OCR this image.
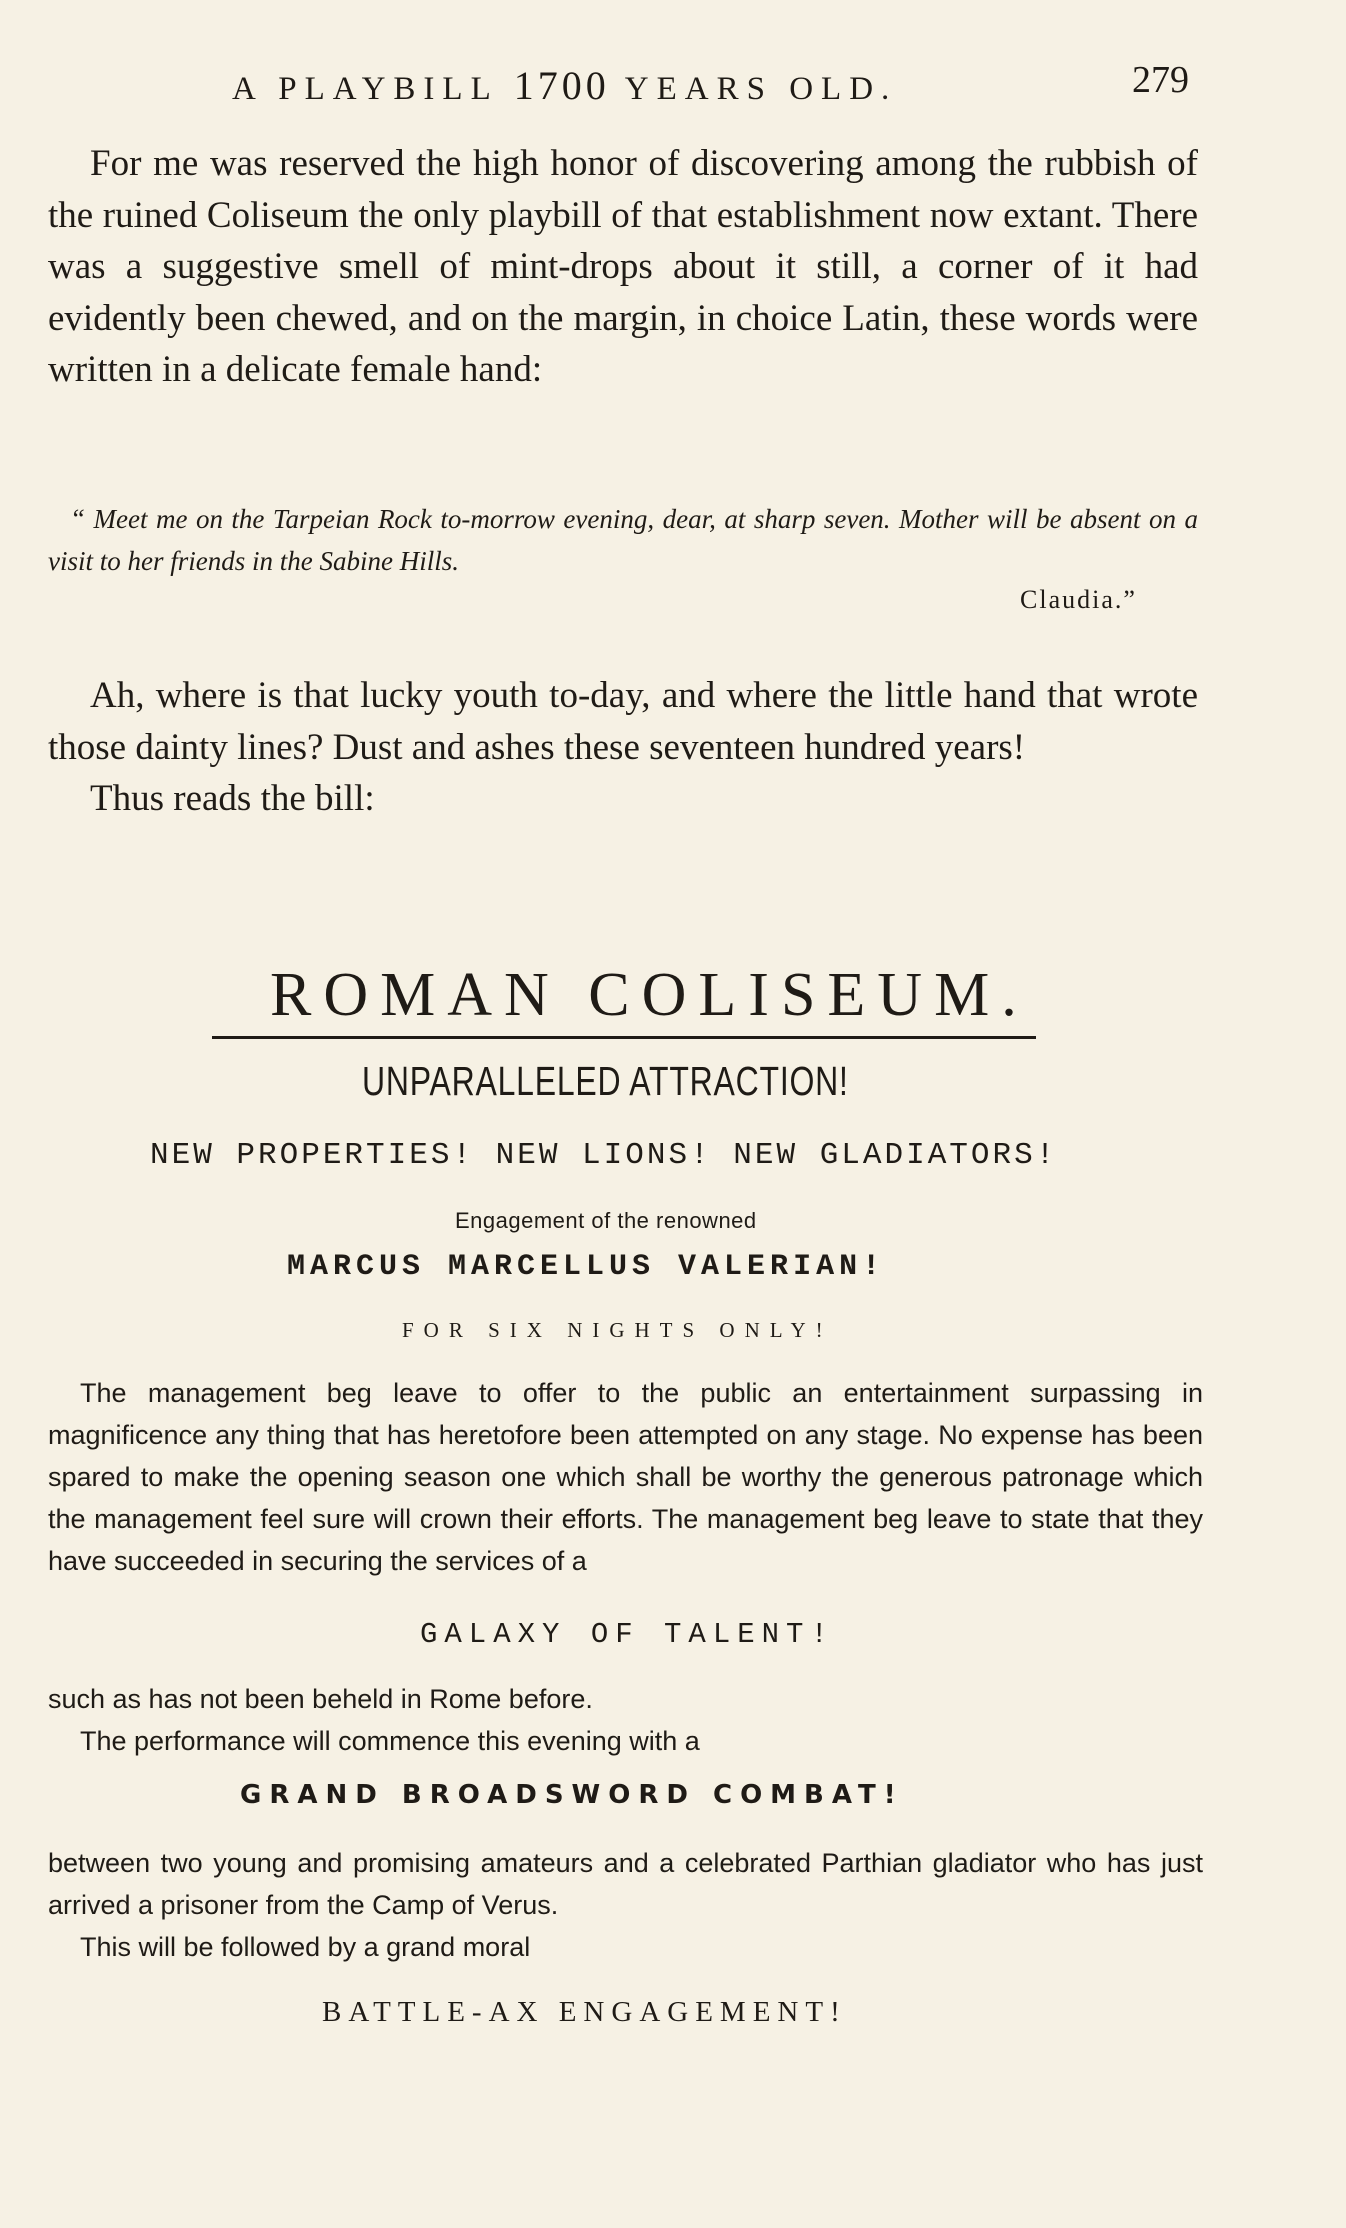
A PLAYBILL 1700 YEARS OLD.	279

For me was reserved the high honor of discovering among the rubbish of the ruined Coliseum the only playbill of that establishment now extant. There was a suggestive smell of mint-drops about it still, a corner of it had evidently been chewed, and on the margin, in choice Latin, these words were written in a delicate female hand:

“ Meet me on the Tarpeian Rock to-morrow evening, dear, at sharp seven. Mother will be absent on a visit to her friends in the Sabine Hills.

Claudia.”

Ah, where is that lucky youth to-day, and where the little hand that wrote those dainty lines? Dust and ashes these seventeen hundred years!

Thus reads the bill:

ROMAN COLISEUM.
UNPARALLELED ATTRACTION!
NEW PROPERTIES! NEW LIONS! NEW GLADIATORS!
Engagement of the renowned
MARCUS MARCELLUS VALERIAN!
FOR SIX NIGHTS ONLY!

The management beg leave to offer to the public an entertainment surpassing in magnificence any thing that has heretofore been attempted on any stage. No expense has been spared to make the opening season one which shall be worthy the generous patronage which the management feel sure will crown their efforts. The management beg leave to state that they have succeeded in securing the services of a

GALAXY OF TALENT!

such as has not been beheld in Rome before.

The performance will commence this evening with a

GRAND BROADSWORD COMBAT!

between two young and promising amateurs and a celebrated Parthian gladiator who has just arrived a prisoner from the Camp of Verus.

This will be followed by a grand moral

BATTLE-AX ENGAGEMENT!
